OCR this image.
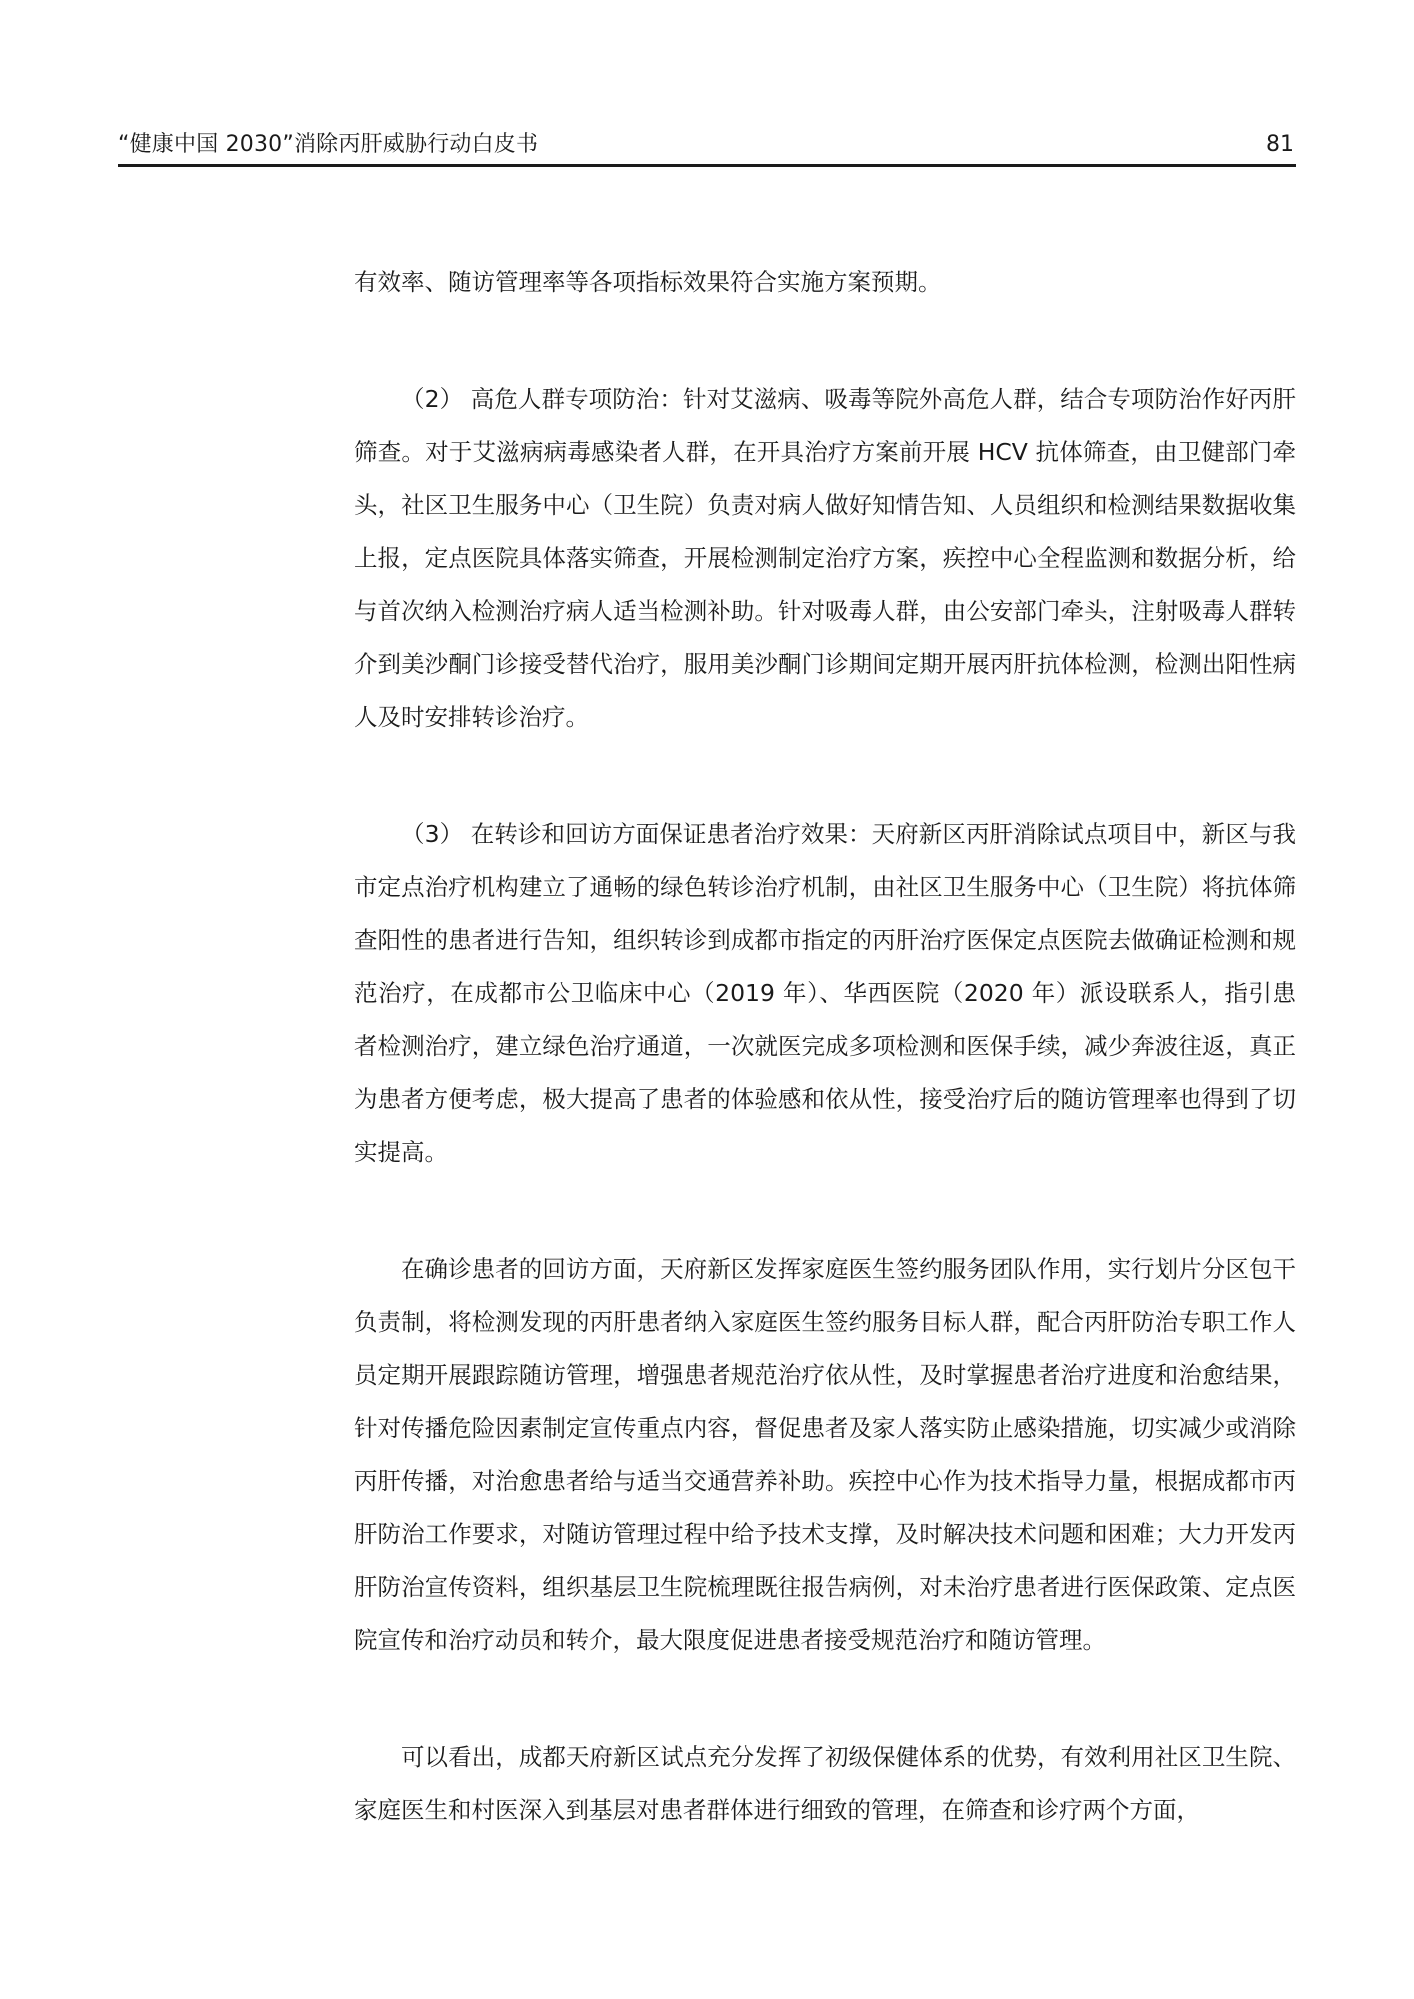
“健康中国 2030”消除丙肝威胁行动白皮书	81

有效率、随访管理率等各项指标效果符合实施方案预期。

（2） 高危人群专项防治：针对艾滋病、吸毒等院外高危人群，结合专项防治作好丙肝筛查。对于艾滋病病毒感染者人群，在开具治疗方案前开展 HCV 抗体筛查，由卫健部门牵头，社区卫生服务中心（卫生院）负责对病人做好知情告知、人员组织和检测结果数据收集上报，定点医院具体落实筛查，开展检测制定治疗方案，疾控中心全程监测和数据分析，给与首次纳入检测治疗病人适当检测补助。针对吸毒人群，由公安部门牵头，注射吸毒人群转介到美沙酮门诊接受替代治疗，服用美沙酮门诊期间定期开展丙肝抗体检测，检测出阳性病人及时安排转诊治疗。

（3） 在转诊和回访方面保证患者治疗效果：天府新区丙肝消除试点项目中，新区与我市定点治疗机构建立了通畅的绿色转诊治疗机制，由社区卫生服务中心（卫生院）将抗体筛查阳性的患者进行告知，组织转诊到成都市指定的丙肝治疗医保定点医院去做确证检测和规范治疗，在成都市公卫临床中心（2019 年）、华西医院（2020 年）派设联系人，指引患者检测治疗，建立绿色治疗通道，一次就医完成多项检测和医保手续，减少奔波往返，真正为患者方便考虑，极大提高了患者的体验感和依从性，接受治疗后的随访管理率也得到了切实提高。

在确诊患者的回访方面，天府新区发挥家庭医生签约服务团队作用，实行划片分区包干负责制，将检测发现的丙肝患者纳入家庭医生签约服务目标人群，配合丙肝防治专职工作人员定期开展跟踪随访管理，增强患者规范治疗依从性，及时掌握患者治疗进度和治愈结果，针对传播危险因素制定宣传重点内容，督促患者及家人落实防止感染措施，切实减少或消除丙肝传播，对治愈患者给与适当交通营养补助。疾控中心作为技术指导力量，根据成都市丙肝防治工作要求，对随访管理过程中给予技术支撑，及时解决技术问题和困难；大力开发丙肝防治宣传资料，组织基层卫生院梳理既往报告病例，对未治疗患者进行医保政策、定点医院宣传和治疗动员和转介，最大限度促进患者接受规范治疗和随访管理。

可以看出，成都天府新区试点充分发挥了初级保健体系的优势，有效利用社区卫生院、家庭医生和村医深入到基层对患者群体进行细致的管理，在筛查和诊疗两个方面，
